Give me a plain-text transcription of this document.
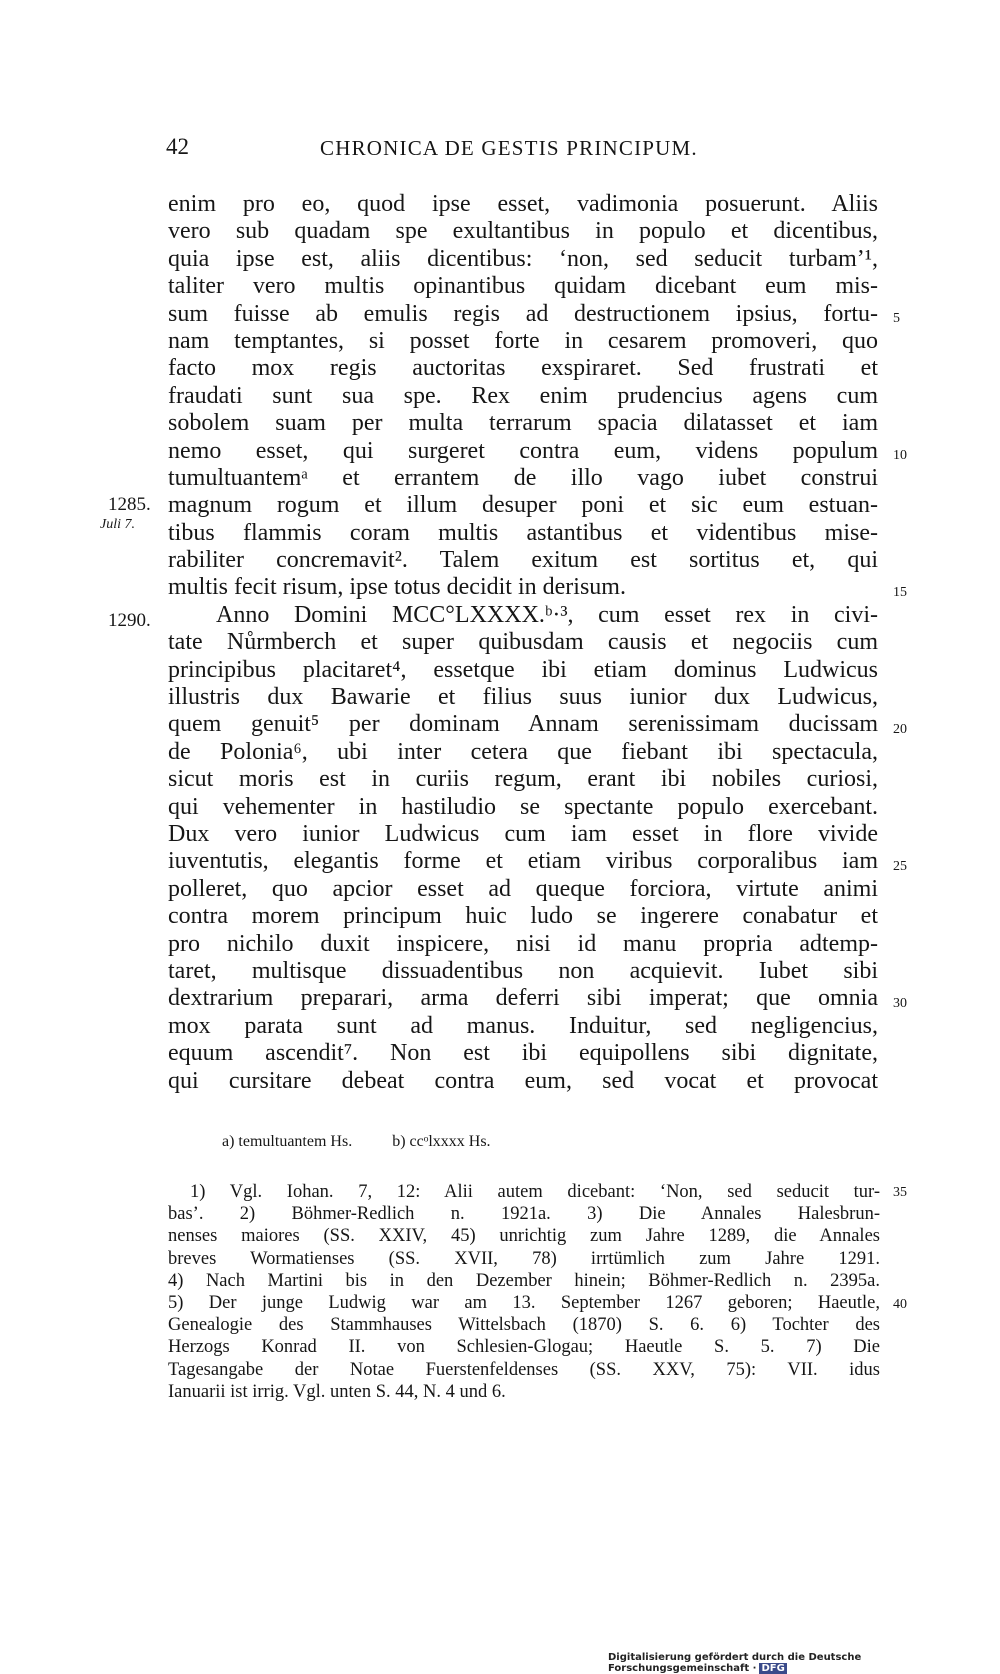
42	CHRONICA DE GESTIS PRINCIPUM.
enim pro eo, quod ipse esset, vadimonia posuerunt. Aliis
vero sub quadam spe exultantibus in populo et dicentibus,
quia ipse est, aliis dicentibus: ‘non, sed seducit turbam’¹,
taliter vero multis opinantibus quidam dicebant eum mis-
sum fuisse ab emulis regis ad destructionem ipsius, fortu-
nam temptantes, si posset forte in cesarem promoveri, quo
facto mox regis auctoritas exspiraret. Sed frustrati et
fraudati sunt sua spe. Rex enim prudencius agens cum
sobolem suam per multa terrarum spacia dilatasset et iam
nemo esset, qui surgeret contra eum, videns populum
tumultuantemᵃ et errantem de illo vago iubet construi
magnum rogum et illum desuper poni et sic eum estuan-
tibus flammis coram multis astantibus et videntibus mise-
rabiliter concremavit². Talem exitum est sortitus et, qui
multis fecit risum, ipse totus decidit in derisum.
Anno Domini MCC°LXXXX.ᵇ·³, cum esset rex in civi-
tate Nůrmberch et super quibusdam causis et negociis cum
principibus placitaret⁴, essetque ibi etiam dominus Ludwicus
illustris dux Bawarie et filius suus iunior dux Ludwicus,
quem genuit⁵ per dominam Annam serenissimam ducissam
de Polonia⁶, ubi inter cetera que fiebant ibi spectacula,
sicut moris est in curiis regum, erant ibi nobiles curiosi,
qui vehementer in hastiludio se spectante populo exercebant.
Dux vero iunior Ludwicus cum iam esset in flore vivide
iuventutis, elegantis forme et etiam viribus corporalibus iam
polleret, quo apcior esset ad queque forciora, virtute animi
contra morem principum huic ludo se ingerere conabatur et
pro nichilo duxit inspicere, nisi id manu propria adtemp-
taret, multisque dissuadentibus non acquievit. Iubet sibi
dextrarium preparari, arma deferri sibi imperat; que omnia
mox parata sunt ad manus. Induitur, sed negligencius,
equum ascendit⁷. Non est ibi equipollens sibi dignitate,
qui cursitare debeat contra eum, sed vocat et provocat
5
10
15
20
25
30
35
40
1285.
Juli 7.
1290.
a) temultuantem Hs.	b) ccᵒlxxxx Hs.
1) Vgl. Iohan. 7, 12: Alii autem dicebant: ‘Non, sed seducit tur-
bas’. 2) Böhmer-Redlich n. 1921a. 3) Die Annales Halesbrun-
nenses maiores (SS. XXIV, 45) unrichtig zum Jahre 1289, die Annales
breves Wormatienses (SS. XVII, 78) irrtümlich zum Jahre 1291.
4) Nach Martini bis in den Dezember hinein; Böhmer-Redlich n. 2395a.
5) Der junge Ludwig war am 13. September 1267 geboren; Haeutle,
Genealogie des Stammhauses Wittelsbach (1870) S. 6. 6) Tochter des
Herzogs Konrad II. von Schlesien-Glogau; Haeutle S. 5. 7) Die
Tagesangabe der Notae Fuerstenfeldenses (SS. XXV, 75): VII. idus
Ianuarii ist irrig. Vgl. unten S. 44, N. 4 und 6.
Digitalisierung gefördert durch die Deutsche Forschungsgemeinschaft · DFG
